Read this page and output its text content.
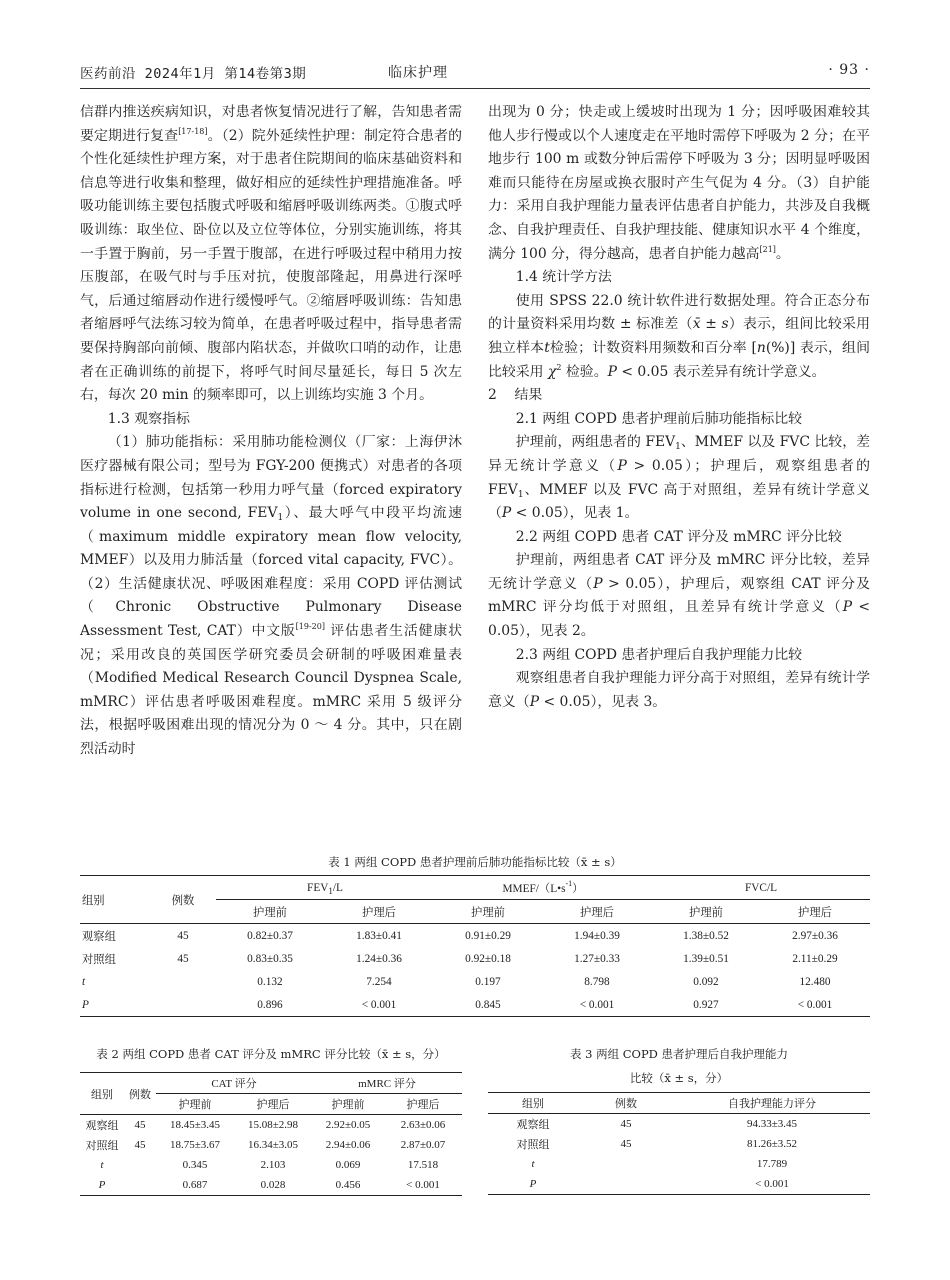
医药前沿 2024年1月 第14卷第3期	临床护理	· 93 ·

信群内推送疾病知识，对患者恢复情况进行了解，告知患者需要定期进行复查[17-18]。（2）院外延续性护理：制定符合患者的个性化延续性护理方案，对于患者住院期间的临床基础资料和信息等进行收集和整理，做好相应的延续性护理措施准备。呼吸功能训练主要包括腹式呼吸和缩唇呼吸训练两类。①腹式呼吸训练：取坐位、卧位以及立位等体位，分别实施训练，将其一手置于胸前，另一手置于腹部，在进行呼吸过程中稍用力按压腹部，在吸气时与手压对抗，使腹部隆起，用鼻进行深呼气，后通过缩唇动作进行缓慢呼气。②缩唇呼吸训练：告知患者缩唇呼气法练习较为简单，在患者呼吸过程中，指导患者需要保持胸部向前倾、腹部内陷状态，并做吹口哨的动作，让患者在正确训练的前提下，将呼气时间尽量延长，每日 5 次左右，每次 20 min 的频率即可，以上训练均实施 3 个月。

1.3 观察指标

（1）肺功能指标：采用肺功能检测仪（厂家：上海伊沐医疗器械有限公司；型号为 FGY-200 便携式）对患者的各项指标进行检测，包括第一秒用力呼气量（forced expiratory volume in one second, $FEV_1$）、最大呼气中段平均流速（maximum middle expiratory mean flow velocity, MMEF）以及用力肺活量（forced vital capacity, FVC）。（2）生活健康状况、呼吸困难程度：采用 COPD 评估测试（Chronic Obstructive Pulmonary Disease Assessment Test, CAT）中文版[19-20] 评估患者生活健康状况；采用改良的英国医学研究委员会研制的呼吸困难量表（Modified Medical Research Council Dyspnea Scale, mMRC）评估患者呼吸困难程度。mMRC 采用 5 级评分法，根据呼吸困难出现的情况分为 0 ～ 4 分。其中，只在剧烈活动时

出现为 0 分；快走或上缓坡时出现为 1 分；因呼吸困难较其他人步行慢或以个人速度走在平地时需停下呼吸为 2 分；在平地步行 100 m 或数分钟后需停下呼吸为 3 分；因明显呼吸困难而只能待在房屋或换衣服时产生气促为 4 分。（3）自护能力：采用自我护理能力量表评估患者自护能力，共涉及自我概念、自我护理责任、自我护理技能、健康知识水平 4 个维度，满分 100 分，得分越高，患者自护能力越高[21]。

1.4 统计学方法

使用 SPSS 22.0 统计软件进行数据处理。符合正态分布的计量资料采用均数 ± 标准差（x̄ ± s）表示，组间比较采用独立样本t检验；计数资料用频数和百分率 [n(%)] 表示，组间比较采用 $\chi^2$ 检验。P < 0.05 表示差异有统计学意义。

2 结果

2.1 两组 COPD 患者护理前后肺功能指标比较

护理前，两组患者的 $FEV_1$、MMEF 以及 FVC 比较，差异无统计学意义（P > 0.05）；护理后，观察组患者的 $FEV_1$、MMEF 以及 FVC 高于对照组，差异有统计学意义（P < 0.05），见表 1。

2.2 两组 COPD 患者 CAT 评分及 mMRC 评分比较

护理前，两组患者 CAT 评分及 mMRC 评分比较，差异无统计学意义（P > 0.05），护理后，观察组 CAT 评分及 mMRC 评分均低于对照组，且差异有统计学意义（P < 0.05），见表 2。

2.3 两组 COPD 患者护理后自我护理能力比较

观察组患者自我护理能力评分高于对照组，差异有统计学意义（P < 0.05），见表 3。

表 1 两组 COPD 患者护理前后肺功能指标比较（x̄ ± s）
组别	例数	$FEV_1/L$		MMEF/$(L•s^{-1})$		FVC/L	
		护理前	护理后	护理前	护理后	护理前	护理后
观察组	45	0.82±0.37	1.83±0.41	0.91±0.29	1.94±0.39	1.38±0.52	2.97±0.36
对照组	45	0.83±0.35	1.24±0.36	0.92±0.18	1.27±0.33	1.39±0.51	2.11±0.29
t		0.132	7.254	0.197	8.798	0.092	12.480
P		0.896	< 0.001	0.845	< 0.001	0.927	< 0.001
表 2 两组 COPD 患者 CAT 评分及 mMRC 评分比较（x̄ ± s，分）
组别	例数	CAT 评分		mMRC 评分	
		护理前	护理后	护理前	护理后
观察组	45	18.45±3.45	15.08±2.98	2.92±0.05	2.63±0.06
对照组	45	18.75±3.67	16.34±3.05	2.94±0.06	2.87±0.07
t		0.345	2.103	0.069	17.518
P		0.687	0.028	0.456	< 0.001
表 3 两组 COPD 患者护理后自我护理能力
比较（x̄ ± s，分）
组别	例数	自我护理能力评分
观察组	45	94.33±3.45
对照组	45	81.26±3.52
t		17.789
P		< 0.001
